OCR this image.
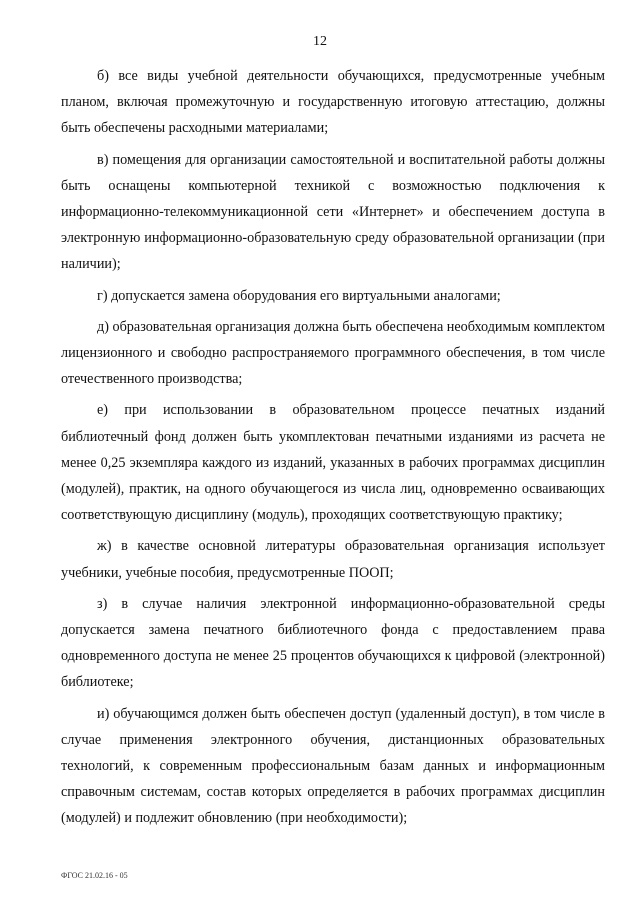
12

б) все виды учебной деятельности обучающихся, предусмотренные учебным планом, включая промежуточную и государственную итоговую аттестацию, должны быть обеспечены расходными материалами;

в) помещения для организации самостоятельной и воспитательной работы должны быть оснащены компьютерной техникой с возможностью подключения к информационно-телекоммуникационной сети «Интернет» и обеспечением доступа в электронную информационно-образовательную среду образовательной организации (при наличии);

г) допускается замена оборудования его виртуальными аналогами;

д) образовательная организация должна быть обеспечена необходимым комплектом лицензионного и свободно распространяемого программного обеспечения, в том числе отечественного производства;

е) при использовании в образовательном процессе печатных изданий библиотечный фонд должен быть укомплектован печатными изданиями из расчета не менее 0,25 экземпляра каждого из изданий, указанных в рабочих программах дисциплин (модулей), практик, на одного обучающегося из числа лиц, одновременно осваивающих соответствующую дисциплину (модуль), проходящих соответствующую практику;

ж) в качестве основной литературы образовательная организация использует учебники, учебные пособия, предусмотренные ПООП;

з) в случае наличия электронной информационно-образовательной среды допускается замена печатного библиотечного фонда с предоставлением права одновременного доступа не менее 25 процентов обучающихся к цифровой (электронной) библиотеке;

и) обучающимся должен быть обеспечен доступ (удаленный доступ), в том числе в случае применения электронного обучения, дистанционных образовательных технологий, к современным профессиональным базам данных и информационным справочным системам, состав которых определяется в рабочих программах дисциплин (модулей) и подлежит обновлению (при необходимости);

ФГОС 21.02.16 - 05
